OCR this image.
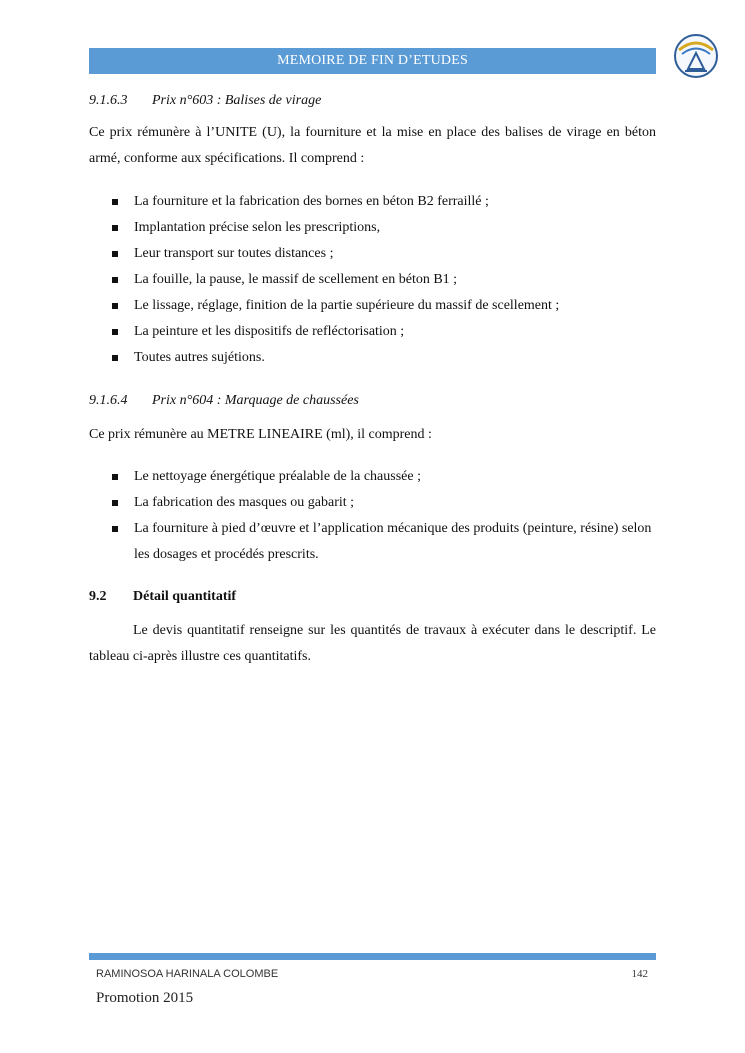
MEMOIRE DE FIN D’ETUDES
9.1.6.3 Prix n°603 : Balises de virage

Ce prix rémunère à l’UNITE (U), la fourniture et la mise en place des balises de virage en béton armé, conforme aux spécifications. Il comprend :

La fourniture et la fabrication des bornes en béton B2 ferraillé ;
Implantation précise selon les prescriptions,
Leur transport sur toutes distances ;
La fouille, la pause, le massif de scellement en béton B1 ;
Le lissage, réglage, finition de la partie supérieure du massif de scellement ;
La peinture et les dispositifs de refléctorisation ;
Toutes autres sujétions.
9.1.6.4 Prix n°604 : Marquage de chaussées

Ce prix rémunère au METRE LINEAIRE (ml), il comprend :

Le nettoyage énergétique préalable de la chaussée ;
La fabrication des masques ou gabarit ;
La fourniture à pied d’œuvre et l’application mécanique des produits (peinture, résine) selon les dosages et procédés prescrits.
9.2 Détail quantitatif

Le devis quantitatif renseigne sur les quantités de travaux à exécuter dans le descriptif. Le tableau ci-après illustre ces quantitatifs.

RAMINOSOA HARINALA COLOMBE	142
Promotion 2015
